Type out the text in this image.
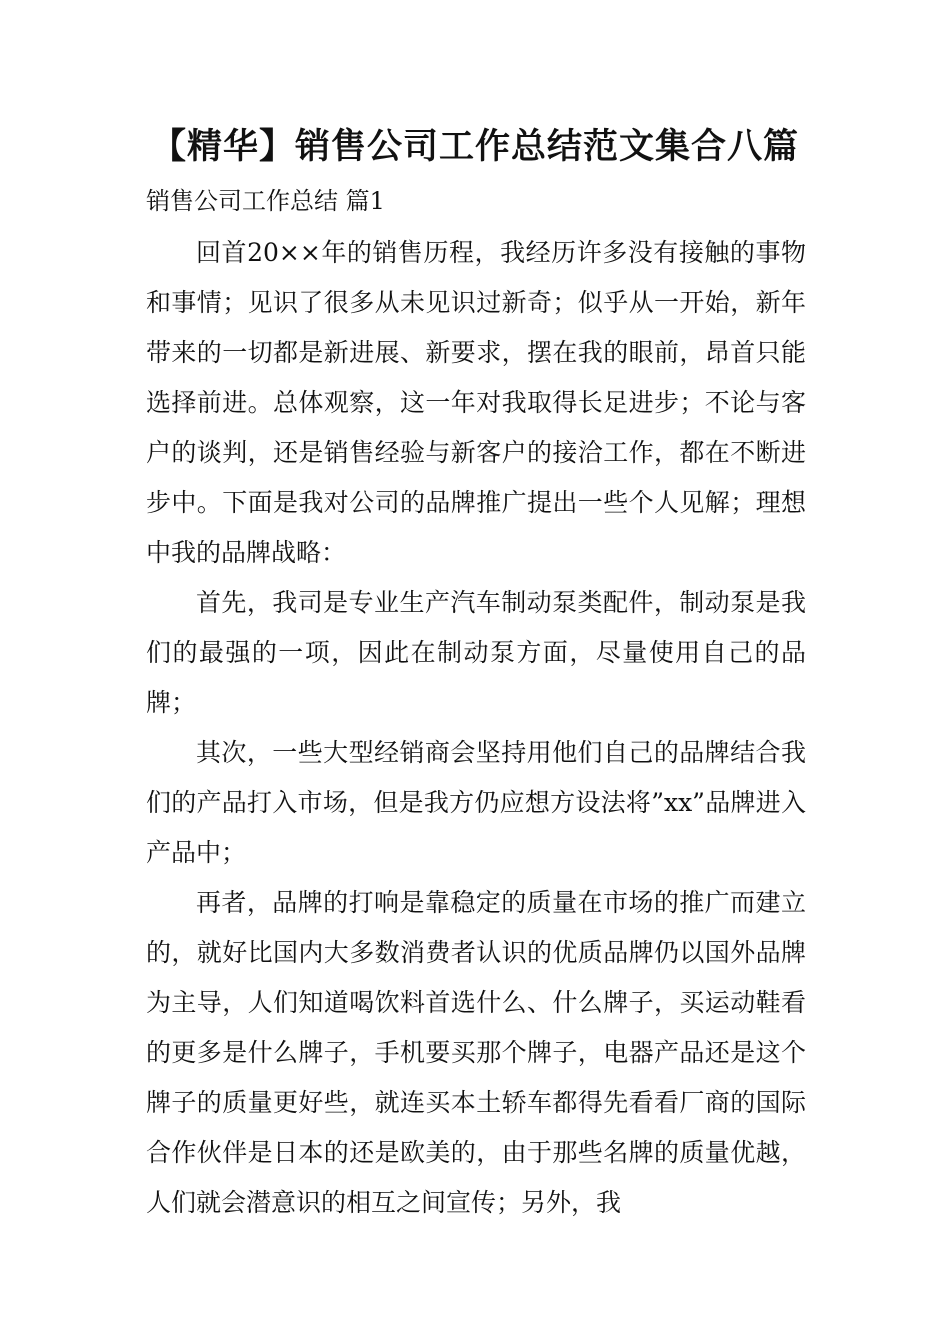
【精华】销售公司工作总结范文集合八篇
销售公司工作总结 篇1

回首20××年的销售历程，我经历许多没有接触的事物和事情；见识了很多从未见识过新奇；似乎从一开始，新年带来的一切都是新进展、新要求，摆在我的眼前，昂首只能选择前进。总体观察，这一年对我取得长足进步；不论与客户的谈判，还是销售经验与新客户的接洽工作，都在不断进步中。下面是我对公司的品牌推广提出一些个人见解；理想中我的品牌战略：

首先，我司是专业生产汽车制动泵类配件，制动泵是我们的最强的一项，因此在制动泵方面，尽量使用自己的品牌；

其次，一些大型经销商会坚持用他们自己的品牌结合我们的产品打入市场，但是我方仍应想方设法将”xx”品牌进入产品中；

再者，品牌的打响是靠稳定的质量在市场的推广而建立的，就好比国内大多数消费者认识的优质品牌仍以国外品牌为主导，人们知道喝饮料首选什么、什么牌子，买运动鞋看的更多是什么牌子，手机要买那个牌子，电器产品还是这个牌子的质量更好些，就连买本土轿车都得先看看厂商的国际合作伙伴是日本的还是欧美的，由于那些名牌的质量优越，人们就会潜意识的相互之间宣传；另外，我
